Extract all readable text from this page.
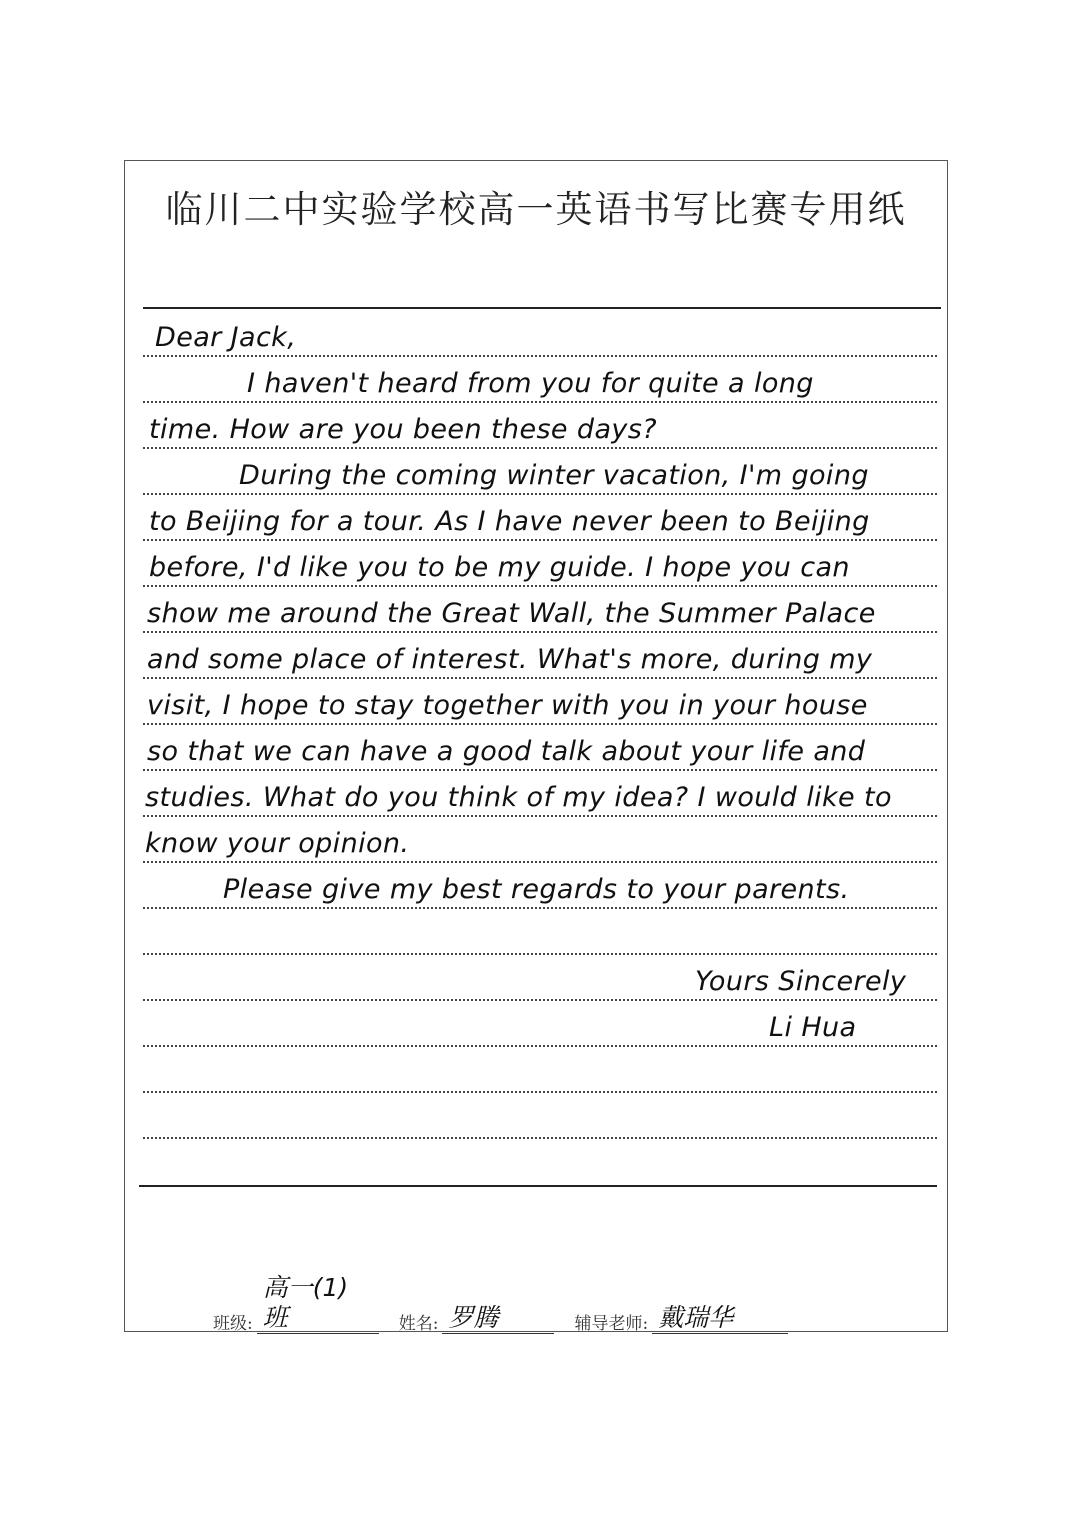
临川二中实验学校高一英语书写比赛专用纸
Dear Jack,
I haven't heard from you for quite a long
time. How are you been these days?
During the coming winter vacation, I'm going
to Beijing for a tour. As I have never been to Beijing
before, I'd like you to be my guide. I hope you can
show me around the Great Wall, the Summer Palace
and some place of interest. What's more, during my
visit, I hope to stay together with you in your house
so that we can have a good talk about your life and
studies. What do you think of my idea? I would like to
know your opinion.
Please give my best regards to your parents.
Yours Sincerely
Li Hua
班级:
高一(1)班	姓名: 罗腾	辅导老师: 戴瑞华
